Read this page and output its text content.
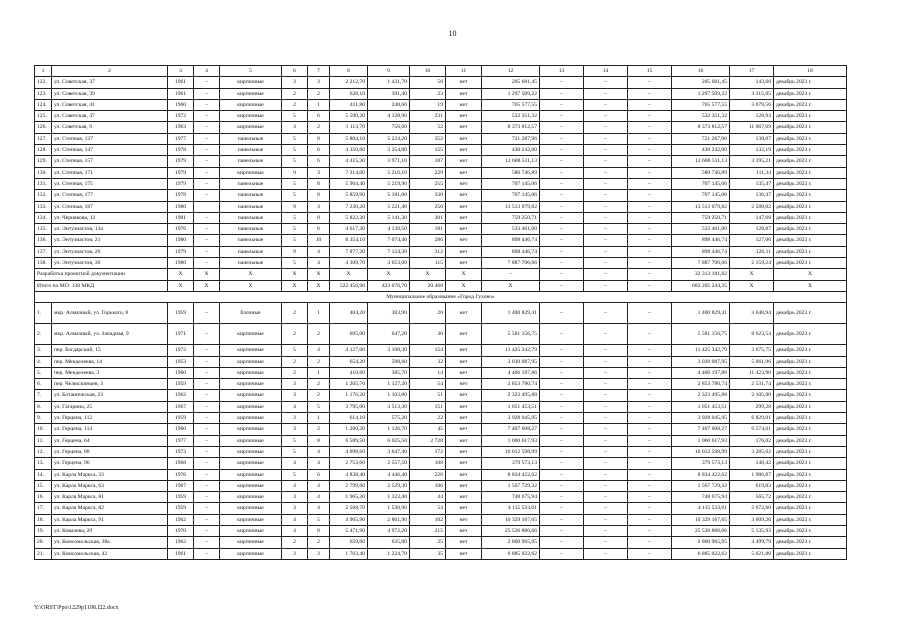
10
1	2	3	4	5	6	7	8	9	10	11	12	13	14	15	16	17	18
122.	ул. Советская, 37	1961	–	кирпичные	3	3	2 212,70	1 431,70	56	нет	205 681,45	–	–	–	205 681,45	143,66	декабрь 2023 г.
123.	ул. Советская, 39	1961	–	кирпичные	2	2	628,10	391,40	23	нет	1 297 509,22	–	–	–	1 297 509,22	3 315,05	декабрь 2023 г.
124.	ул. Советская, 41	1960	–	кирпичные	2	1	411,80	248,60	19	нет	765 577,55	–	–	–	765 577,55	3 079,56	декабрь 2023 г.
125.	ул. Советская, 47	1972	–	кирпичные	5	6	5 590,20	4 128,90	231	нет	532 351,32	–	–	–	532 351,32	128,93	декабрь 2023 г.
126.	ул. Советская, 9	1963	–	кирпичные	3	2	1 113,70	756,60	52	нет	8 373 812,57	–	–	–	8 373 812,57	11 067,69	декабрь 2023 г.
127.	ул. Степная, 137	1977	–	панельные	5	8	5 804,10	5 224,20	352	нет	721 287,96	–	–	–	721 287,96	138,07	декабрь 2023 г.
128.	ул. Степная, 147	1978	–	панельные	5	6	4 350,60	3 254,80	155	нет	430 242,00	–	–	–	430 242,00	132,19	декабрь 2023 г.
129.	ул. Степная, 157	1979	–	панельные	5	6	4 415,30	3 971,10	187	нет	12 688 511,13	–	–	–	12 688 511,13	3 195,21	декабрь 2023 г.
130.	ул. Степная, 171	1979	–	кирпичные	9	3	7 314,00	5 216,10	229	нет	580 746,89	–	–	–	580 746,89	111,34	декабрь 2023 г.
131.	ул. Степная, 175	1979	–	панельные	5	8	5 904,40	5 219,90	255	нет	707 145,06	–	–	–	707 145,06	135,47	декабрь 2023 г.
132.	ул. Степная, 177	1978	–	панельные	5	8	5 859,90	5 181,60	330	нет	707 145,06	–	–	–	707 145,06	136,47	декабрь 2023 г.
133.	ул. Степная, 187	1980		панельные	9	3	7 230,20	5 221,40	250	нет	13 513 079,82	–	–	–	13 513 079,82	2 588,02	декабрь 2023 г.
134.	ул. Чернякова, 12	1981	–	панельные	5	8	5 822,30	5 141,30	301	нет	759 250,71	–	–	–	759 250,71	147,68	декабрь 2023 г.
135.	ул. Энтузиастов, 13а	1976	–	панельные	5	6	4 617,30	4 139,50	181	нет	533 461,00	–	–	–	533 461,00	128,87	декабрь 2023 г.
136.	ул. Энтузиастов, 21	1980	–	панельные	5	10	8 354,10	7 074,40	286	нет	898 446,74	–	–	–	898 446,74	127,00	декабрь 2023 г.
137.	ул. Энтузиастов, 26	1979	–	панельные	9	4	7 877,20	7 124,30	312	нет	898 446,74	–	–	–	898 446,74	126,11	декабрь 2023 г.
138.	ул. Энтузиастов, 30	1980	–	панельные	5	4	4 309,70	3 653,00	115	нет	7 887 706,66	–	–	–	7 887 706,66	2 159,24	декабрь 2023 г.
Разработка проектной документации		X	X	X	X	X	X	X	X	X	–	–	–	–	32 313 181,82	X	X
Итого по МО: 138 МКД		X	X	X	X	X	522 456,90	423 076,70	20 468	X	X	–	–	–	683 205 244,35	X	X
Муниципальное образование «Город Гухово»																	
1.	мкр. Алмазный, ул. Горького, 8	1959	–	блочные	2	1	404,20	383,90	20	нет	1 400 829,41	–	–	–	1 400 829,41	3 648,94	декабрь 2023 г.
2.	мкр. Алмазный, ул. Западная, 9	1971	–	кирпичные	2	2	695,00	647,20	30	нет	5 581 156,75	–	–	–	5 581 156,75	8 623,54	декабрь 2023 г.
3.	пер. Богдарский, 15	1972	–	кирпичные	5	4	4 127,00	3 108,30	154	нет	11 425 342,79	–	–	–	11 425 342,79	3 675,75	декабрь 2023 г.
4.	пер. Менделеева, 14	1953	–	кирпичные	2	2	654,20	598,60	32	нет	3 030 087,95	–	–	–	3 030 087,95	5 061,96	декабрь 2023 г.
5.	пер. Менделеева, 3	1960	–	кирпичные	2	1	410,60	385,70	14	нет	4 406 197,86	–	–	–	4 406 197,86	11 423,90	декабрь 2023 г.
6.	пер. Челюскинцев, 3	1959	–	кирпичные	3	2	1 205,70	1 127,20	54	нет	2 853 780,74	–	–	–	2 853 780,74	2 531,74	декабрь 2023 г.
7.	ул. Ботаническая, 23	1962	–	кирпичные	3	2	1 176,20	1 103,80	51	нет	2 323 495,88	–	–	–	2 323 495,88	2 105,00	декабрь 2023 г.
8.	ул. Гагарина, 25	1967	–	кирпичные	4	5	3 795,00	3 513,30	151	нет	1 051 453,51	–	–	–	1 051 453,51	299,28	декабрь 2023 г.
9.	ул. Герцена, 112	1959	–	кирпичные	3	1	614,10	575,20	22	нет	3 928 045,95	–	–	–	3 928 045,95	6 829,01	декабрь 2023 г.
10.	ул. Герцена, 114	1960	–	кирпичные	3	2	1 200,20	1 126,70	45	нет	7 407 608,27	–	–	–	7 407 608,27	6 574,61	декабрь 2023 г.
11.	ул. Герцена, 64	1977	–	кирпичные	5	8	6 589,50	6 025,50	2 728	нет	1 060 617,93	–	–	–	1 060 617,93	176,02	декабрь 2023 г.
12.	ул. Герцена, 88	1973	–	кирпичные	5	4	4 098,60	3 047,40	172	нет	10 012 598,99	–	–	–	10 012 598,99	3 285,62	декабрь 2023 г.
13.	ул. Герцена, 96	1968	–	кирпичные	4	4	2 753,60	2 557,50	108	нет	379 573,13	–	–	–	379 573,13	148,42	декабрь 2023 г.
14.	ул. Карла Маркса, 33	1976	–	кирпичные	5	6	4 838,40	4 446,40	226	нет	8 834 422,62	–	–	–	8 834 422,62	1 986,87	декабрь 2023 г.
15.	ул. Карла Маркса, 63	1967	–	кирпичные	4	4	2 799,60	2 529,30	106	нет	1 567 729,32	–	–	–	1 567 729,32	619,83	декабрь 2023 г.
16.	ул. Карла Маркса, 81	1959	–	кирпичные	3	4	1 965,30	1 323,40	44	нет	748 675,94	–	–	–	748 675,94	565,72	декабрь 2023 г.
17.	ул. Карла Маркса, 82	1959	–	кирпичные	3	4	2 568,70	1 530,90	53	нет	4 115 533,61	–	–	–	4 115 533,61	2 672,60	декабрь 2023 г.
18.	ул. Карла Маркса, 91	1962	–	кирпичные	4	5	4 965,90	2 861,90	102	нет	10 329 167,65	–	–	–	10 329 167,65	3 609,20	декабрь 2023 г.
19.	ул. Ковалева, 29	1970	–	кирпичные	4	8	5 471,90	4 972,20	215	нет	25 536 886,66	–	–	–	25 536 886,66	5 135,93	декабрь 2023 г.
20.	ул. Комсомольская, 38а	1962	–	кирпичные	2	2	659,60	635,80	25	нет	2 860 965,95	–	–	–	2 860 965,95	4 499,79	декабрь 2023 г.
21.	ул. Комсомольская, 42	1961	–	кирпичные	3	3	1 763,40	1 224,70	35	нет	6 885 022,62	–	–	–	6 885 022,62	5 621,80	декабрь 2023 г.
Y:\ORST\Ppo\1229p1198.f22.docx
